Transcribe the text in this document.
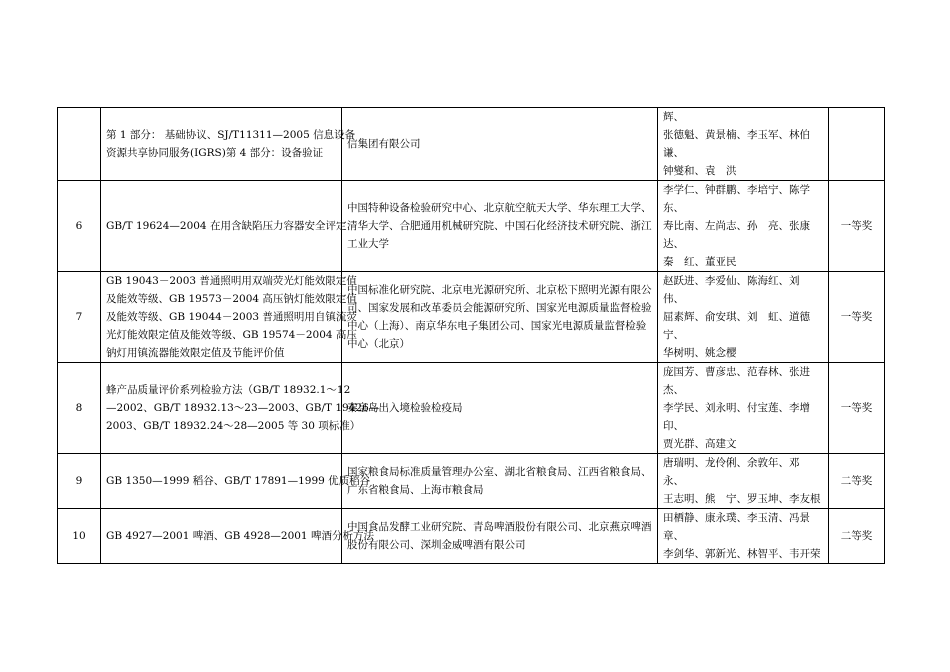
	第 1 部分： 基础协议、SJ/T11311—2005 信息设备
资源共享协同服务(IGRS)第 4 部分：设备验证	信集团有限公司	辉、
张德魁、黄景楠、李玉军、林伯
谦、
钟燮和、袁　洪	

6	GB/T 19624—2004 在用含缺陷压力容器安全评定	中国特种设备检验研究中心、北京航空航天大学、华东理工大学、
清华大学、合肥通用机械研究院、中国石化经济技术研究院、浙江
工业大学	李学仁、钟群鹏、李培宁、陈学
东、
寿比南、左尚志、孙　亮、张康
达、
秦　红、董亚民	一等奖
7	GB 19043－2003 普通照明用双端荧光灯能效限定值
及能效等级、GB 19573－2004 高压钠灯能效限定值
及能效等级、GB 19044－2003 普通照明用自镇流荧
光灯能效限定值及能效等级、GB 19574－2004 高压
钠灯用镇流器能效限定值及节能评价值	中国标准化研究院、北京电光源研究所、北京松下照明光源有限公
司、国家发展和改革委员会能源研究所、国家光电源质量监督检验
中心（上海）、南京华东电子集团公司、国家光电源质量监督检验
中心（北京）	赵跃进、李爱仙、陈海红、刘
伟、
屈素辉、俞安琪、刘　虹、道德
宁、
华树明、姚念樱	一等奖
8	蜂产品质量评价系列检验方法（GB/T 18932.1～12
—2002、GB/T 18932.13～23—2003、GB/T 19426—
2003、GB/T 18932.24～28—2005 等 30 项标准）	秦皇岛出入境检验检疫局	庞国芳、曹彦忠、范春林、张进
杰、
李学民、刘永明、付宝莲、李增
印、
贾光群、高建文	一等奖
9	GB 1350—1999 稻谷、GB/T 17891—1999 优质稻谷	国家粮食局标准质量管理办公室、湖北省粮食局、江西省粮食局、
广东省粮食局、上海市粮食局	唐瑞明、龙伶俐、余敦年、邓
永、
王志明、熊　宁、罗玉坤、李友根	二等奖
10	GB 4927—2001 啤酒、GB 4928—2001 啤酒分析方法	中国食品发酵工业研究院、青岛啤酒股份有限公司、北京燕京啤酒
股份有限公司、深圳金威啤酒有限公司	田栖静、康永璞、李玉清、冯景
章、
李剑华、郭新光、林智平、韦开荣	二等奖
